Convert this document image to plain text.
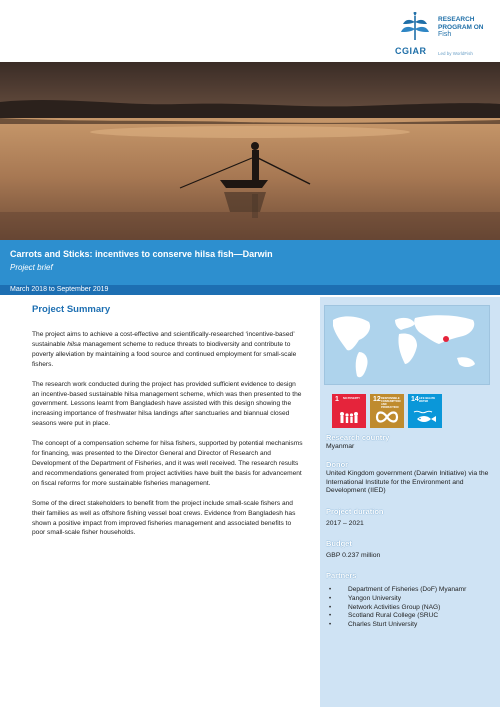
CGIAR
RESEARCH PROGRAM ON
Fish
Led by WorldFish
Carrots and Sticks: incentives to conserve hilsa fish—Darwin
Project brief
March 2018 to September 2019
Project Summary

The project aims to achieve a cost-effective and scientifically-researched ‘incentive-based’ sustainable hilsa management scheme to reduce threats to biodiversity and contribute to poverty alleviation by maintaining a food source and continued employment for small-scale fishers.

The research work conducted during the project has provided sufficient evidence to design an incentive-based sustainable hilsa management scheme, which was then presented to the government. Lessons learnt from Bangladesh have assisted with this design showing the increasing importance of freshwater hilsa landings after sanctuaries and biannual closed seasons were put in place.

The concept of a compensation scheme for hilsa fishers, supported by potential mechanisms for financing, was presented to the Director General and Director of Research and Development of the Department of Fisheries, and it was well received. The research results and recommendations generated from project activities have built the basis for advancement on fiscal reforms for more sustainable fisheries management.

Some of the direct stakeholders to benefit from the project include small-scale fishers and their families as well as offshore fishing vessel boat crews. Evidence from Bangladesh has shown a positive impact from improved fisheries management and associated benefits to poor small-scale fisher households.

1 NO POVERTY	12 RESPONSIBLE CONSUMPTION AND PRODUCTION
14 LIFE BELOW WATER
Research country
Myanmar
Donor
United Kingdom government (Darwin Initiative) via the International Institute for the Environment and Development (IIED)
Project duration
2017 – 2021
Budget
GBP 0.237 million
Partners
•	Department of Fisheries (DoF) Myanamr
•	Yangon University
•	Network Activities Group (NAG)
•	Scotland Rural College (SRUC
•	Charles Sturt University
